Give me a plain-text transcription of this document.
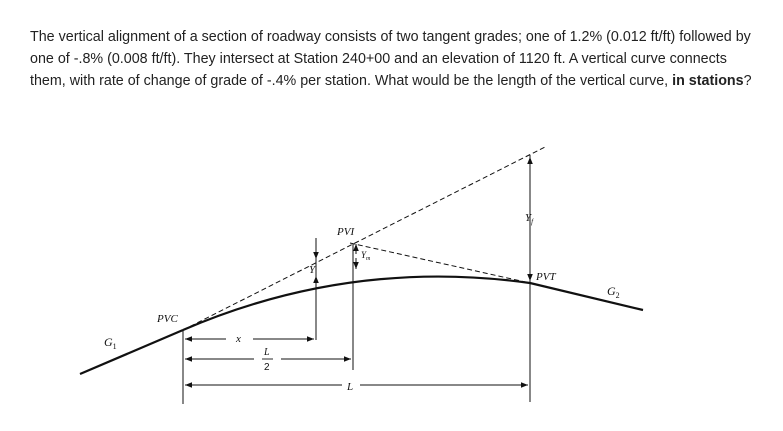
The vertical alignment of a section of roadway consists of two tangent grades; one of 1.2% (0.012 ft/ft) followed by one of -.8% (0.008 ft/ft). They intersect at Station 240+00 and an elevation of 1120 ft. A vertical curve connects them, with rate of change of grade of -.4% per station. What would be the length of the vertical curve, in stations?
PVI
PVC
PVT
$G_1$
$G_2$
Y
$Y_m$
$Y_f$
x
L
2
L
